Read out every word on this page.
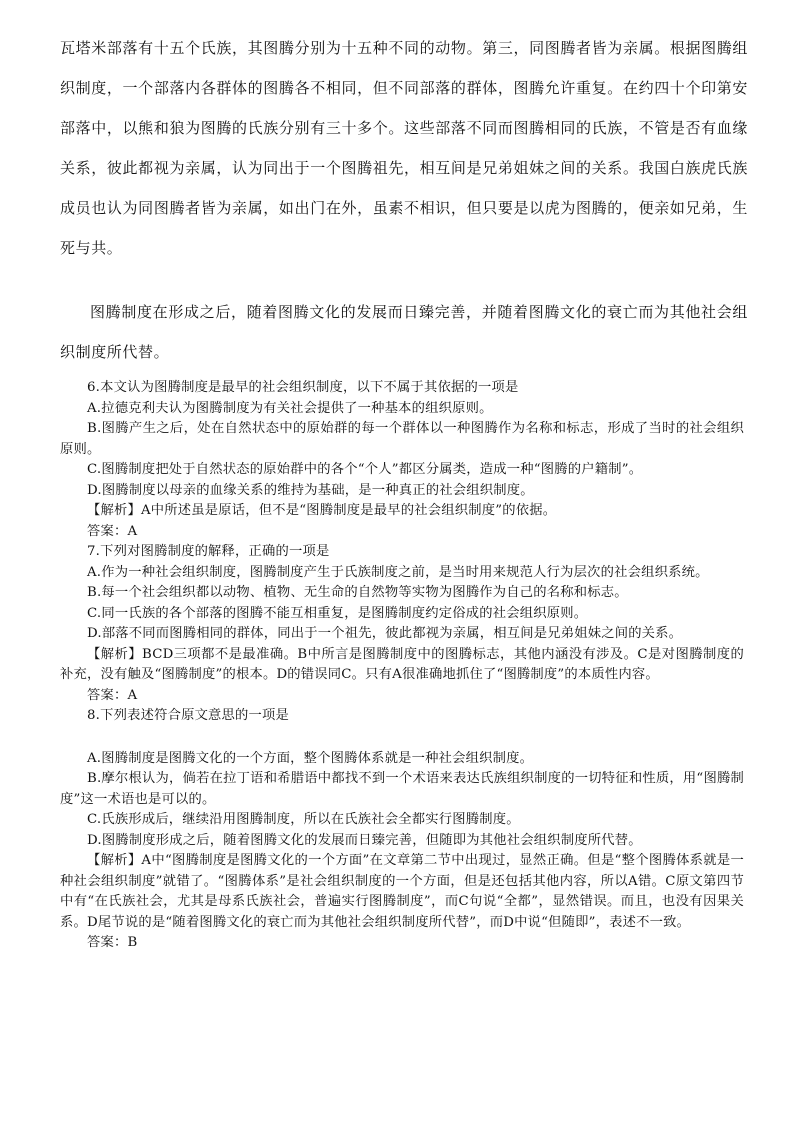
瓦塔米部落有十五个氏族，其图腾分别为十五种不同的动物。第三，同图腾者皆为亲属。根据图腾组织制度，一个部落内各群体的图腾各不相同，但不同部落的群体，图腾允许重复。在约四十个印第安部落中，以熊和狼为图腾的氏族分别有三十多个。这些部落不同而图腾相同的氏族，不管是否有血缘关系，彼此都视为亲属，认为同出于一个图腾祖先，相互间是兄弟姐妹之间的关系。我国白族虎氏族成员也认为同图腾者皆为亲属，如出门在外，虽素不相识，但只要是以虎为图腾的，便亲如兄弟，生死与共。

图腾制度在形成之后，随着图腾文化的发展而日臻完善，并随着图腾文化的衰亡而为其他社会组织制度所代替。

6.本文认为图腾制度是最早的社会组织制度，以下不属于其依据的一项是

A.拉德克利夫认为图腾制度为有关社会提供了一种基本的组织原则。

B.图腾产生之后，处在自然状态中的原始群的每一个群体以一种图腾作为名称和标志，形成了当时的社会组织原则。

C.图腾制度把处于自然状态的原始群中的各个“个人”都区分属类，造成一种“图腾的户籍制”。

D.图腾制度以母亲的血缘关系的维持为基础，是一种真正的社会组织制度。

【解析】A中所述虽是原话，但不是“图腾制度是最早的社会组织制度”的依据。

答案：A

7.下列对图腾制度的解释，正确的一项是

A.作为一种社会组织制度，图腾制度产生于氏族制度之前，是当时用来规范人行为层次的社会组织系统。

B.每一个社会组织都以动物、植物、无生命的自然物等实物为图腾作为自己的名称和标志。

C.同一氏族的各个部落的图腾不能互相重复，是图腾制度约定俗成的社会组织原则。

D.部落不同而图腾相同的群体，同出于一个祖先，彼此都视为亲属，相互间是兄弟姐妹之间的关系。

【解析】BCD三项都不是最准确。B中所言是图腾制度中的图腾标志，其他内涵没有涉及。C是对图腾制度的补充，没有触及“图腾制度”的根本。D的错误同C。只有A很准确地抓住了“图腾制度”的本质性内容。

答案：A

8.下列表述符合原文意思的一项是

A.图腾制度是图腾文化的一个方面，整个图腾体系就是一种社会组织制度。

B.摩尔根认为，倘若在拉丁语和希腊语中都找不到一个术语来表达氏族组织制度的一切特征和性质，用“图腾制度”这一术语也是可以的。

C.氏族形成后，继续沿用图腾制度，所以在氏族社会全都实行图腾制度。

D.图腾制度形成之后，随着图腾文化的发展而日臻完善，但随即为其他社会组织制度所代替。

【解析】A中“图腾制度是图腾文化的一个方面”在文章第二节中出现过，显然正确。但是“整个图腾体系就是一种社会组织制度”就错了。“图腾体系”是社会组织制度的一个方面，但是还包括其他内容，所以A错。C原文第四节中有“在氏族社会，尤其是母系氏族社会，普遍实行图腾制度”，而C句说“全都”，显然错误。而且，也没有因果关系。D尾节说的是“随着图腾文化的衰亡而为其他社会组织制度所代替”，而D中说“但随即”，表述不一致。

答案：B
